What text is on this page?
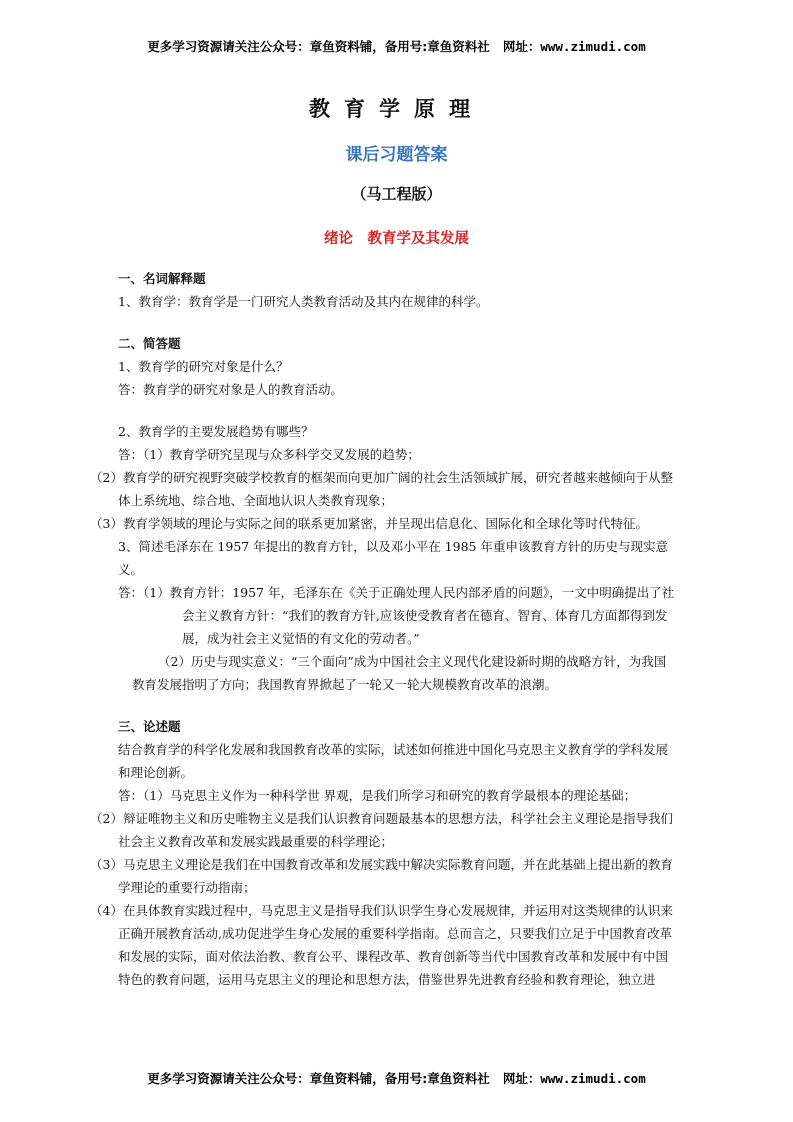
更多学习资源请关注公众号：章鱼资料铺，备用号:章鱼资料社 网址：www.zimudi.com
教育学原理
课后习题答案
（马工程版）
绪论　教育学及其发展

一、名词解释题

1、教育学：教育学是一门研究人类教育活动及其内在规律的科学。

二、简答题

1、教育学的研究对象是什么？

答：教育学的研究对象是人的教育活动。

2、教育学的主要发展趋势有哪些？

答：（1）教育学研究呈现与众多科学交叉发展的趋势；

（2）教育学的研究视野突破学校教育的框架而向更加广阔的社会生活领域扩展，研究者越来越倾向于从整体上系统地、综合地、全面地认识人类教育现象；

（3）教育学领域的理论与实际之间的联系更加紧密，并呈现出信息化、国际化和全球化等时代特征。

3、简述毛泽东在 1957 年提出的教育方针，以及邓小平在 1985 年重申该教育方针的历史与现实意义。

答：（1）教育方针：1957 年，毛泽东在《关于正确处理人民内部矛盾的问题》，一文中明确提出了社会主义教育方针：“我们的教育方针,应该使受教育者在德育、智育、体育几方面都得到发展，成为社会主义觉悟的有文化的劳动者。”

（2）历史与现实意义：“三个面向”成为中国社会主义现代化建设新时期的战略方针，为我国教育发展指明了方向；我国教育界掀起了一轮又一轮大规模教育改革的浪潮。

三、论述题

结合教育学的科学化发展和我国教育改革的实际，试述如何推进中国化马克思主义教育学的学科发展和理论创新。

答：（1）马克思主义作为一种科学世 界观，是我们所学习和研究的教育学最根本的理论基础；

（2）辩证唯物主义和历史唯物主义是我们认识教育问题最基本的思想方法，科学社会主义理论是指导我们社会主义教育改革和发展实践最重要的科学理论；

（3）马克思主义理论是我们在中国教育改革和发展实践中解决实际教育问题，并在此基础上提出新的教育学理论的重要行动指南；

（4）在具体教育实践过程中，马克思主义是指导我们认识学生身心发展规律，并运用对这类规律的认识来正确开展教育活动,成功促进学生身心发展的重要科学指南。总而言之，只要我们立足于中国教育改革和发展的实际，面对依法治教、教育公平、课程改革、教育创新等当代中国教育改革和发展中有中国特色的教育问题，运用马克思主义的理论和思想方法，借鉴世界先进教育经验和教育理论，独立进

更多学习资源请关注公众号：章鱼资料铺，备用号:章鱼资料社 网址：www.zimudi.com
